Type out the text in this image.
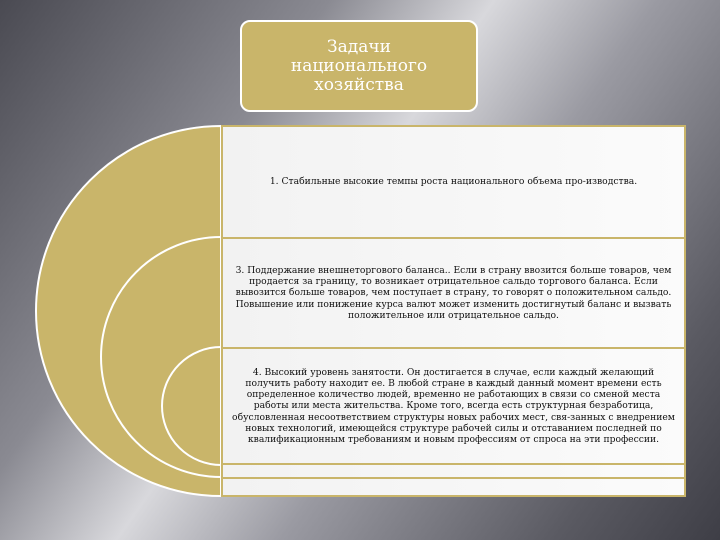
1. Стабильные высокие темпы роста национального объема про-изводства.
3. Поддержание внешнеторгового баланса.. Если в страну ввозится больше товаров, чем продается за границу, то возникает отрицательное сальдо торгового баланса. Если вывозится больше товаров, чем поступает в страну, то говорят о положительном сальдо. Повышение или понижение курса валют может изменить достигнутый баланс и вызвать положительное или отрицательное сальдо.
4. Высокий уровень занятости. Он достигается в случае, если каждый желающий получить работу находит ее. В любой стране в каждый данный момент времени есть определенное количество людей, временно не работающих в связи со сменой места работы или места жительства. Кроме того, всегда есть структурная безработица, обусловленная несоответствием структуры новых рабочих мест, свя-занных с внедрением новых технологий, имеющейся структуре рабочей силы и отставанием последней по квалификационным требованиям и новым профессиям от спроса на эти профессии.
Задачи национального хозяйства
